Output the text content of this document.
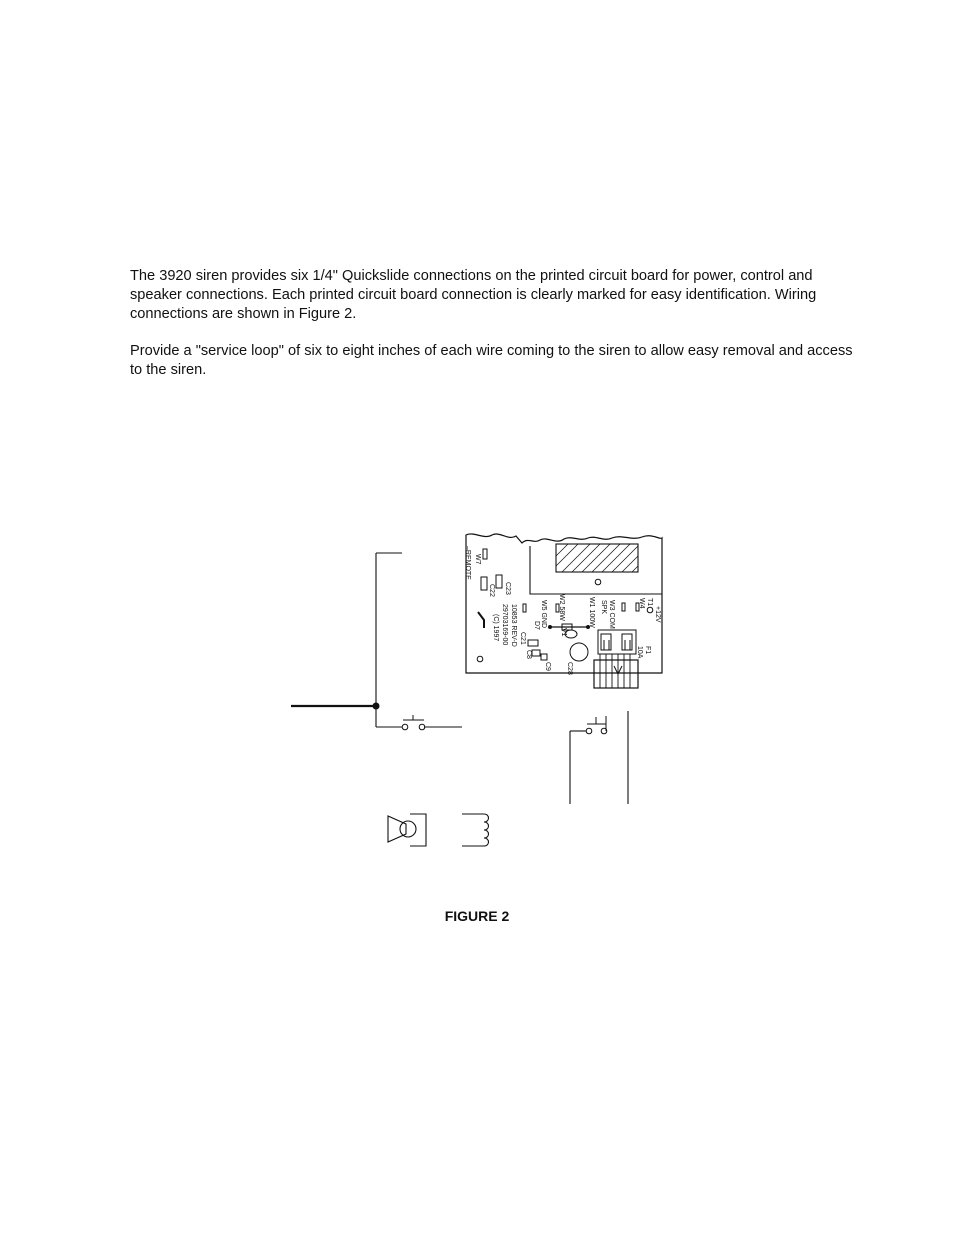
The 3920 siren provides six 1/4" Quickslide connections on the printed circuit board for power, control and speaker connections. Each printed circuit board connection is clearly marked for easy identification. Wiring connections are shown in Figure 2.

Provide a "service loop" of six to eight inches of each wire coming to the siren to allow easy removal and access to the siren.

W7
–REMOTE
C22 C23
10853 REV-D
29703169-00
(C) 1997	W5 GND
D7
C21
W2 58W
C8
V1
C9
W1 100W W3 COM
SPK
C28
W4 T1
+12V
F1
10A
FIGURE 2
